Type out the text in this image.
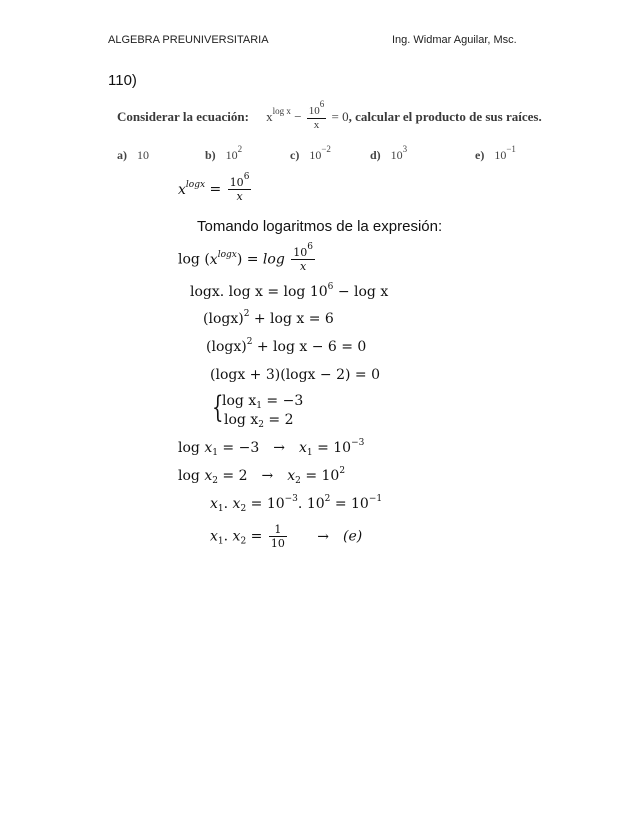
ALGEBRA PREUNIVERSITARIA	Ing. Widmar Aguilar, Msc.
110)
Considerar la ecuación: $x^{log x} - \frac{10^6}{x} = 0$, calcular el producto de sus raíces.
a) 10	b) $10^2$	c) $10^{-2}$	d) $10^3$	e) $10^{-1}$
$x^{logx} = \frac{10^6}{x}$
Tomando logaritmos de la expresión:
$\log (x^{logx}) = \log \frac{10^6}{x}$
logx. $\log x = \log 10^6 - \log x$
$(\log x)^2 + \log x = 6$
$(\log x)^2 + \log x - 6 = 0$
(logx + 3)(logx − 2) = 0
{
$\log x_1 = -3$
$\log x_2 = 2$
$\log x_1 = -3 \to x_1 = 10^{-3}$
$\log x_2 = 2 \to x_2 = 10^2$
$x_1$. $x_2 = 10^{-3}$. $10^2 = 10^{-1}$
$x_1$. $x_2 = \frac{1}{10} \to (e)$
